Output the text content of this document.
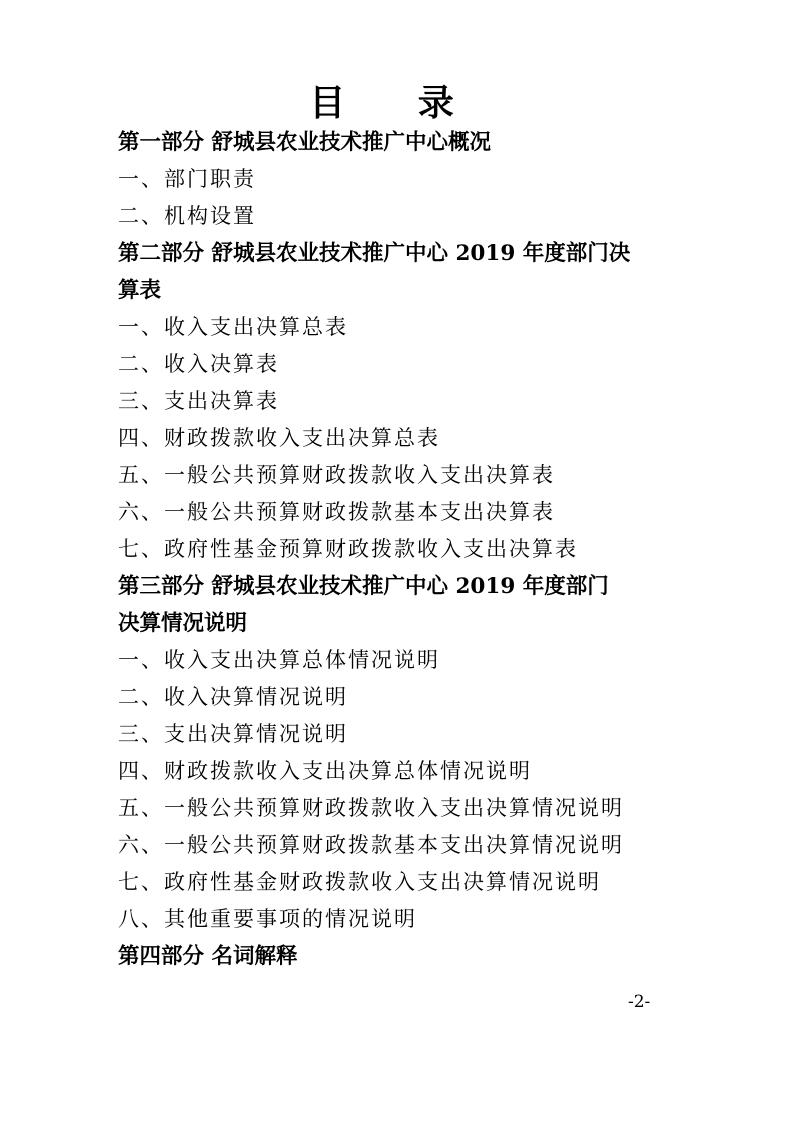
目 录
第一部分 舒城县农业技术推广中心概况
一、部门职责
二、机构设置
第二部分 舒城县农业技术推广中心 2019 年度部门决
算表
一、收入支出决算总表
二、收入决算表
三、支出决算表
四、财政拨款收入支出决算总表
五、一般公共预算财政拨款收入支出决算表
六、一般公共预算财政拨款基本支出决算表
七、政府性基金预算财政拨款收入支出决算表
第三部分 舒城县农业技术推广中心 2019 年度部门
决算情况说明
一、收入支出决算总体情况说明
二、收入决算情况说明
三、支出决算情况说明
四、财政拨款收入支出决算总体情况说明
五、一般公共预算财政拨款收入支出决算情况说明
六、一般公共预算财政拨款基本支出决算情况说明
七、政府性基金财政拨款收入支出决算情况说明
八、其他重要事项的情况说明
第四部分 名词解释
-2-
